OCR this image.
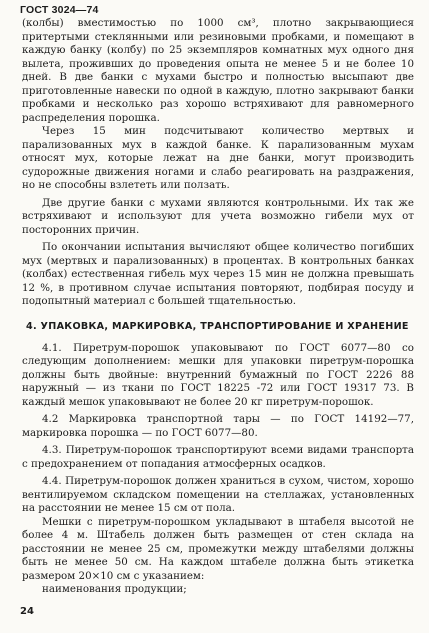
ГОСТ 3024—74

(колбы) вместимостью по 1000 см³, плотно закрывающиеся притертыми стеклянными или резиновыми пробками, и помещают в каждую банку (колбу) по 25 экземпляров комнатных мух одного дня вылета, проживших до проведения опыта не менее 5 и не более 10 дней. В две банки с мухами быстро и полностью высыпают две приготовленные навески по одной в каждую, плотно закрывают банки пробками и несколько раз хорошо встряхивают для равномерного распределения порошка.

Через 15 мин подсчитывают количество мертвых и парализованных мух в каждой банке. К парализованным мухам относят мух, которые лежат на дне банки, могут производить судорожные движения ногами и слабо реагировать на раздражения, но не способны взлететь или ползать.

Две другие банки с мухами являются контрольными. Их так же встряхивают и используют для учета возможно гибели мух от посторонних причин.

По окончании испытания вычисляют общее количество погибших мух (мертвых и парализованных) в процентах. В контрольных банках (колбах) естественная гибель мух через 15 мин не должна превышать 12 %, в противном случае испытания повторяют, подбирая посуду и подопытный материал с большей тщательностью.

4. УПАКОВКА, МАРКИРОВКА, ТРАНСПОРТИРОВАНИЕ И ХРАНЕНИЕ

4.1. Пиретрум-порошок упаковывают по ГОСТ 6077—80 со следующим дополнением: мешки для упаковки пиретрум-порошка должны быть двойные: внутренний бумажный по ГОСТ 2226 88 наружный — из ткани по ГОСТ 18225 -72 или ГОСТ 19317 73. В каждый мешок упаковывают не более 20 кг пиретрум-порошок.

4.2 Маркировка транспортной тары — по ГОСТ 14192—77, маркировка порошка — по ГОСТ 6077—80.

4.3. Пиретрум-порошок транспортируют всеми видами транспорта с предохранением от попадания атмосферных осадков.

4.4. Пиретрум-порошок должен храниться в сухом, чистом, хорошо вентилируемом складском помещении на стеллажах, установленных на расстоянии не менее 15 см от пола.

Мешки с пиретрум-порошком укладывают в штабеля высотой не более 4 м. Штабель должен быть размещен от стен склада на расстоянии не менее 25 см, промежутки между штабелями должны быть не менее 50 см. На каждом штабеле должна быть этикетка размером 20×10 см с указанием:

наименования продукции;

24
